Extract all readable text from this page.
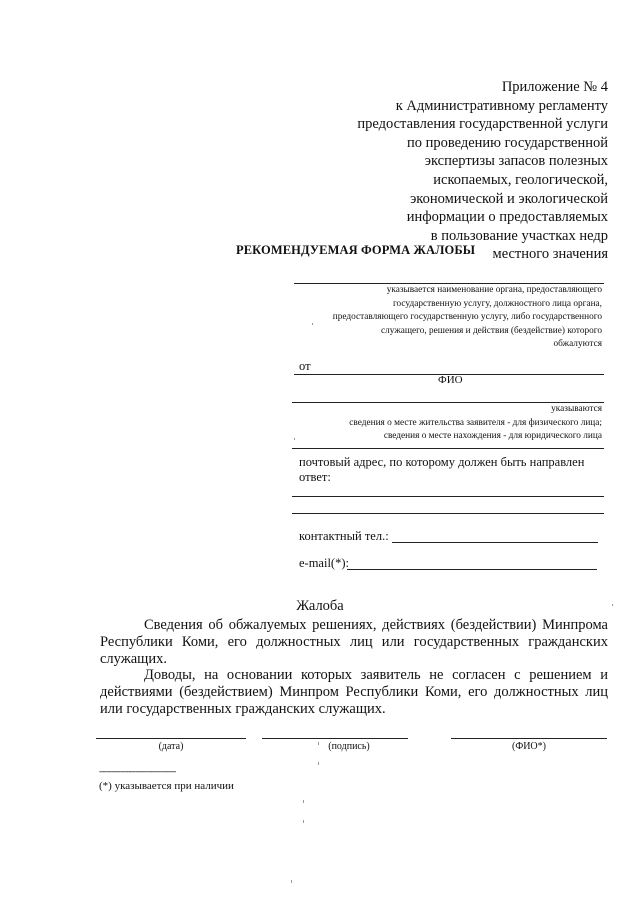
Приложение № 4
к Административному регламенту
предоставления государственной услуги
по проведению государственной
экспертизы запасов полезных
ископаемых, геологической,
экономической и экологической
информации о предоставляемых
в пользование участках недр
местного значения
РЕКОМЕНДУЕМАЯ ФОРМА ЖАЛОБЫ
указывается наименование органа, предоставляющего
государственную услугу, должностного лица органа,
предоставляющего государственную услугу, либо государственного
служащего, решения и действия (бездействие) которого
обжалуются
от
ФИО
указываются
сведения о месте жительства заявителя - для физического лица;
сведения о месте нахождения - для юридического лица
почтовый адрес, по которому должен быть направлен ответ:
контактный тел.:
e-mail(*):
Жалоба
Сведения об обжалуемых решениях, действиях (бездействии) Минпрома Республики Коми, его должностных лиц или государственных гражданских служащих.
Доводы, на основании которых заявитель не согласен с решением и действиями (бездействием) Минпром Республики Коми, его должностных лиц или государственных гражданских служащих.
(дата)	(подпись)	(ФИО*)
--------------------------------
(*) указывается при наличии
